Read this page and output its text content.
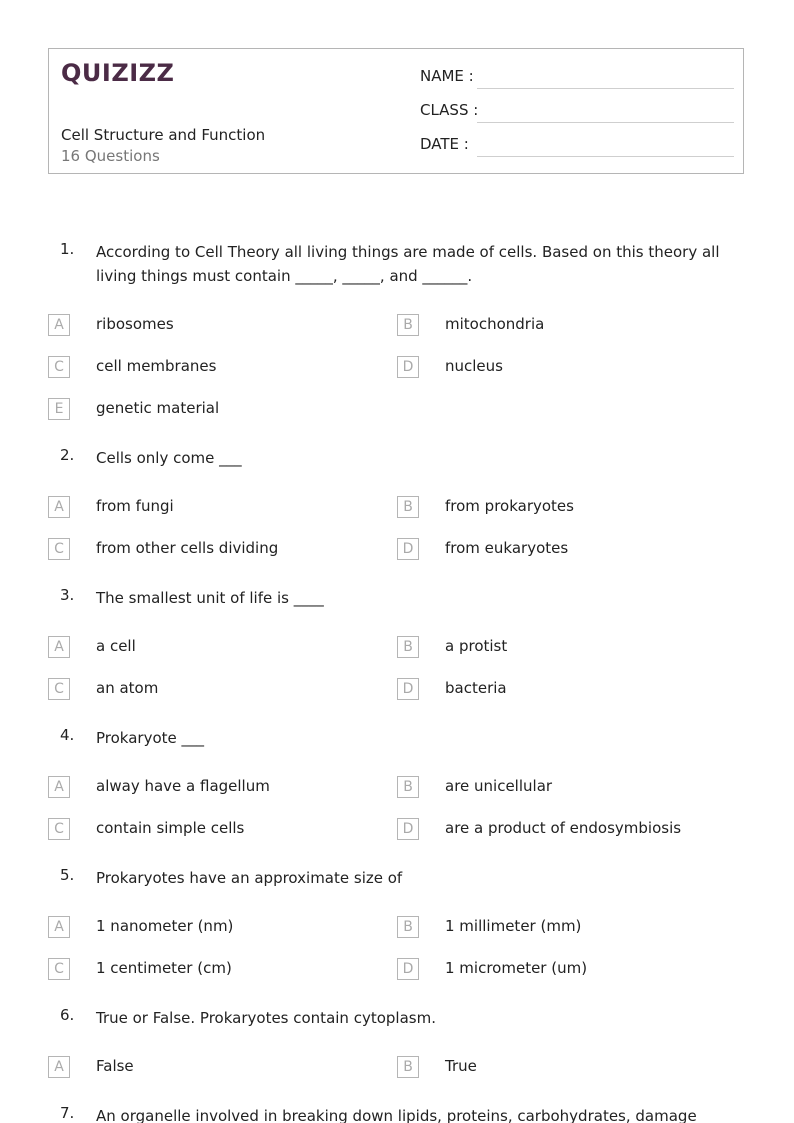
QUIZIZZ
Cell Structure and Function
16 Questions
NAME :
CLASS :
DATE :
1. According to Cell Theory all living things are made of cells. Based on this theory all living things must contain _____, _____, and ______.
A	ribosomes	B	mitochondria
C	cell membranes	D	nucleus
E	genetic material
2. Cells only come ___
A	from fungi	B	from prokaryotes
C	from other cells dividing	D	from eukaryotes
3. The smallest unit of life is ____
A	a cell	B	a protist
C	an atom	D	bacteria
4. Prokaryote ___
A	alway have a flagellum	B	are unicellular
C	contain simple cells	D	are a product of endosymbiosis
5. Prokaryotes have an approximate size of
A	1 nanometer (nm)	B	1 millimeter (mm)
C	1 centimeter (cm)	D	1 micrometer (um)
6. True or False. Prokaryotes contain cytoplasm.
A	False	B	True
7. An organelle involved in breaking down lipids, proteins, carbohydrates, damage
